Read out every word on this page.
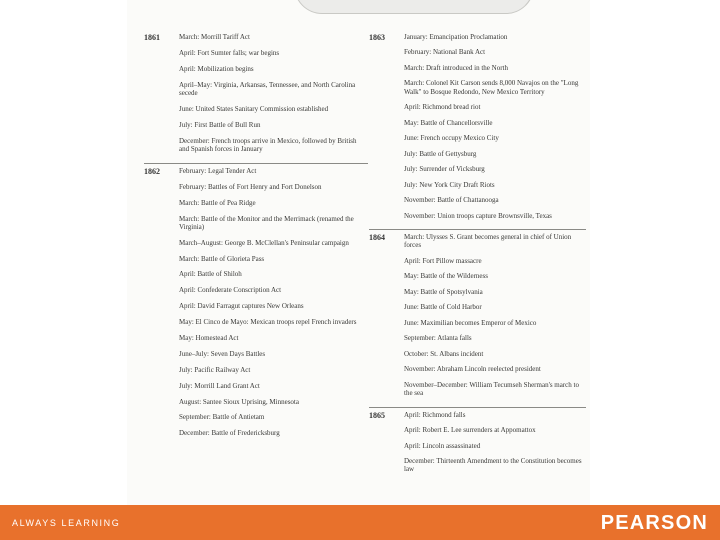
1861	March: Morrill Tariff Act
April: Fort Sumter falls; war begins
April: Mobilization begins
April–May: Virginia, Arkansas, Tennessee, and North Carolina secede
June: United States Sanitary Commission established
July: First Battle of Bull Run
December: French troops arrive in Mexico, followed by British and Spanish forces in January
1862	February: Legal Tender Act
February: Battles of Fort Henry and Fort Donelson
March: Battle of Pea Ridge
March: Battle of the Monitor and the Merrimack (renamed the Virginia)
March–August: George B. McClellan's Peninsular campaign
March: Battle of Glorieta Pass
April: Battle of Shiloh
April: Confederate Conscription Act
April: David Farragut captures New Orleans
May: El Cinco de Mayo: Mexican troops repel French invaders
May: Homestead Act
June–July: Seven Days Battles
July: Pacific Railway Act
July: Morrill Land Grant Act
August: Santee Sioux Uprising, Minnesota
September: Battle of Antietam
December: Battle of Fredericksburg
1863	January: Emancipation Proclamation
February: National Bank Act
March: Draft introduced in the North
March: Colonel Kit Carson sends 8,000 Navajos on the "Long Walk" to Bosque Redondo, New Mexico Territory
April: Richmond bread riot
May: Battle of Chancellorsville
June: French occupy Mexico City
July: Battle of Gettysburg
July: Surrender of Vicksburg
July: New York City Draft Riots
November: Battle of Chattanooga
November: Union troops capture Brownsville, Texas
1864	March: Ulysses S. Grant becomes general in chief of Union forces
April: Fort Pillow massacre
May: Battle of the Wilderness
May: Battle of Spotsylvania
June: Battle of Cold Harbor
June: Maximilian becomes Emperor of Mexico
September: Atlanta falls
October: St. Albans incident
November: Abraham Lincoln reelected president
November–December: William Tecumseh Sherman's march to the sea
1865	April: Richmond falls
April: Robert E. Lee surrenders at Appomattox
April: Lincoln assassinated
December: Thirteenth Amendment to the Constitution becomes law
ALWAYS LEARNING	PEARSON
